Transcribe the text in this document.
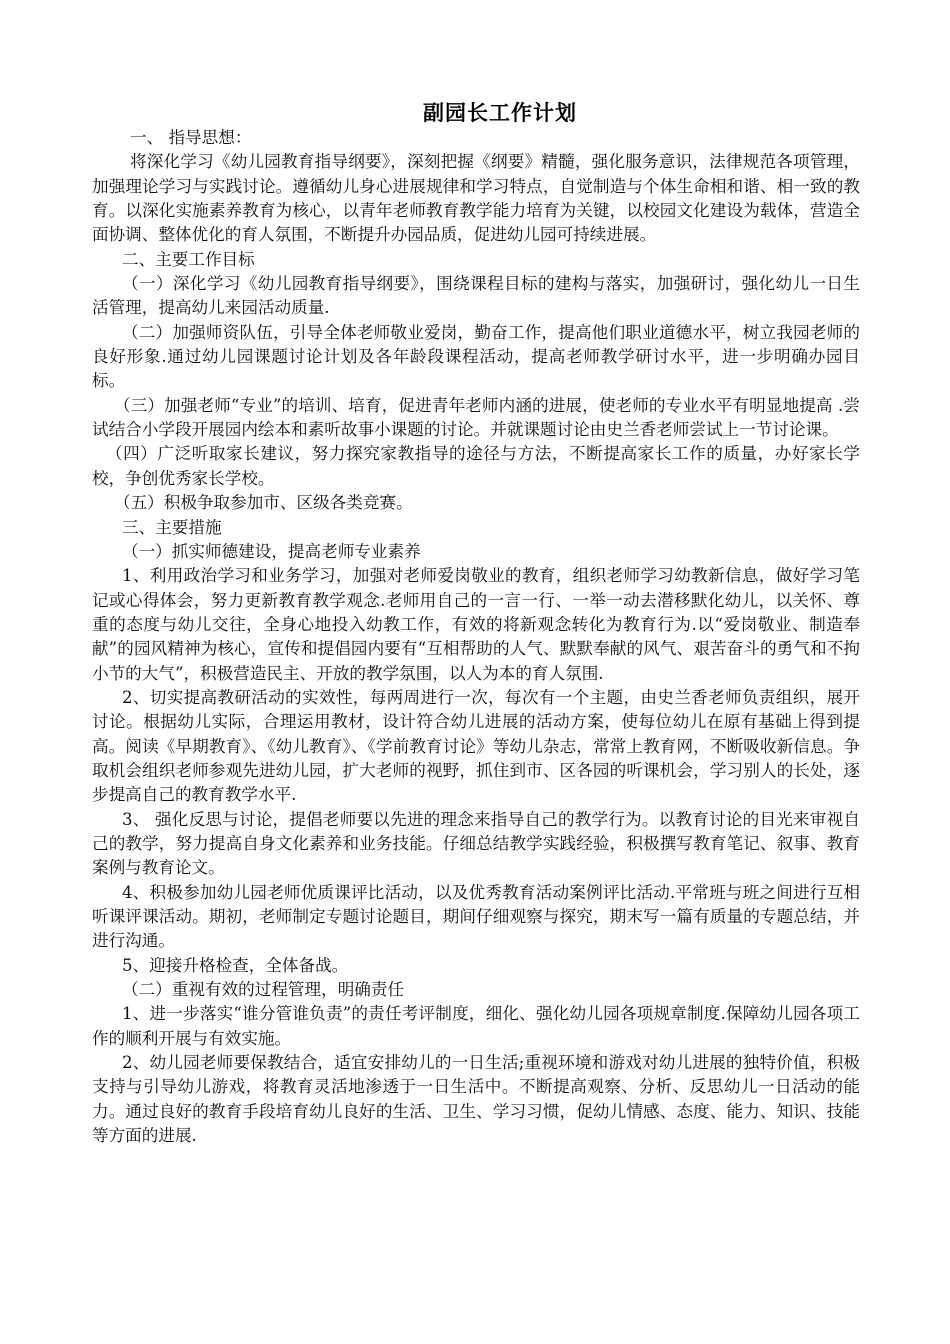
副园长工作计划

一、 指导思想：

将深化学习《幼儿园教育指导纲要》，深刻把握《纲要》精髓，强化服务意识，法律规范各项管理，加强理论学习与实践讨论。遵循幼儿身心进展规律和学习特点，自觉制造与个体生命相和谐、相一致的教育。以深化实施素养教育为核心，以青年老师教育教学能力培育为关键，以校园文化建设为载体，营造全面协调、整体优化的育人氛围，不断提升办园品质，促进幼儿园可持续进展。

二、主要工作目标

（一）深化学习《幼儿园教育指导纲要》，围绕课程目标的建构与落实，加强研讨，强化幼儿一日生活管理，提高幼儿来园活动质量.

（二）加强师资队伍，引导全体老师敬业爱岗，勤奋工作，提高他们职业道德水平，树立我园老师的良好形象.通过幼儿园课题讨论计划及各年龄段课程活动，提高老师教学研讨水平，进一步明确办园目标。

（三）加强老师“专业”的培训、培育，促进青年老师内涵的进展，使老师的专业水平有明显地提高 .尝试结合小学段开展园内绘本和素听故事小课题的讨论。并就课题讨论由史兰香老师尝试上一节讨论课。

（四）广泛听取家长建议，努力探究家教指导的途径与方法，不断提高家长工作的质量，办好家长学校，争创优秀家长学校。

（五）积极争取参加市、区级各类竞赛。

三、主要措施

（一）抓实师德建设，提高老师专业素养

1、利用政治学习和业务学习，加强对老师爱岗敬业的教育，组织老师学习幼教新信息，做好学习笔记或心得体会，努力更新教育教学观念.老师用自己的一言一行、一举一动去潜移默化幼儿，以关怀、尊重的态度与幼儿交往，全身心地投入幼教工作，有效的将新观念转化为教育行为.以“爱岗敬业、制造奉献”的园风精神为核心，宣传和提倡园内要有“互相帮助的人气、默默奉献的风气、艰苦奋斗的勇气和不拘小节的大气”，积极营造民主、开放的教学氛围，以人为本的育人氛围.

2、切实提高教研活动的实效性，每两周进行一次，每次有一个主题，由史兰香老师负责组织，展开讨论。根据幼儿实际，合理运用教材，设计符合幼儿进展的活动方案，使每位幼儿在原有基础上得到提高。阅读《早期教育》、《幼儿教育》、《学前教育讨论》等幼儿杂志，常常上教育网，不断吸收新信息。争取机会组织老师参观先进幼儿园，扩大老师的视野，抓住到市、区各园的听课机会，学习别人的长处，逐步提高自己的教育教学水平.

3、 强化反思与讨论，提倡老师要以先进的理念来指导自己的教学行为。以教育讨论的目光来审视自己的教学，努力提高自身文化素养和业务技能。仔细总结教学实践经验，积极撰写教育笔记、叙事、教育案例与教育论文。

4、积极参加幼儿园老师优质课评比活动，以及优秀教育活动案例评比活动.平常班与班之间进行互相听课评课活动。期初，老师制定专题讨论题目，期间仔细观察与探究，期末写一篇有质量的专题总结，并进行沟通。

5、迎接升格检查，全体备战。

（二）重视有效的过程管理，明确责任

1、进一步落实“谁分管谁负责”的责任考评制度，细化、强化幼儿园各项规章制度.保障幼儿园各项工作的顺利开展与有效实施。

2、幼儿园老师要保教结合，适宜安排幼儿的一日生活;重视环境和游戏对幼儿进展的独特价值，积极支持与引导幼儿游戏，将教育灵活地渗透于一日生活中。不断提高观察、分析、反思幼儿一日活动的能力。通过良好的教育手段培育幼儿良好的生活、卫生、学习习惯，促幼儿情感、态度、能力、知识、技能等方面的进展.
